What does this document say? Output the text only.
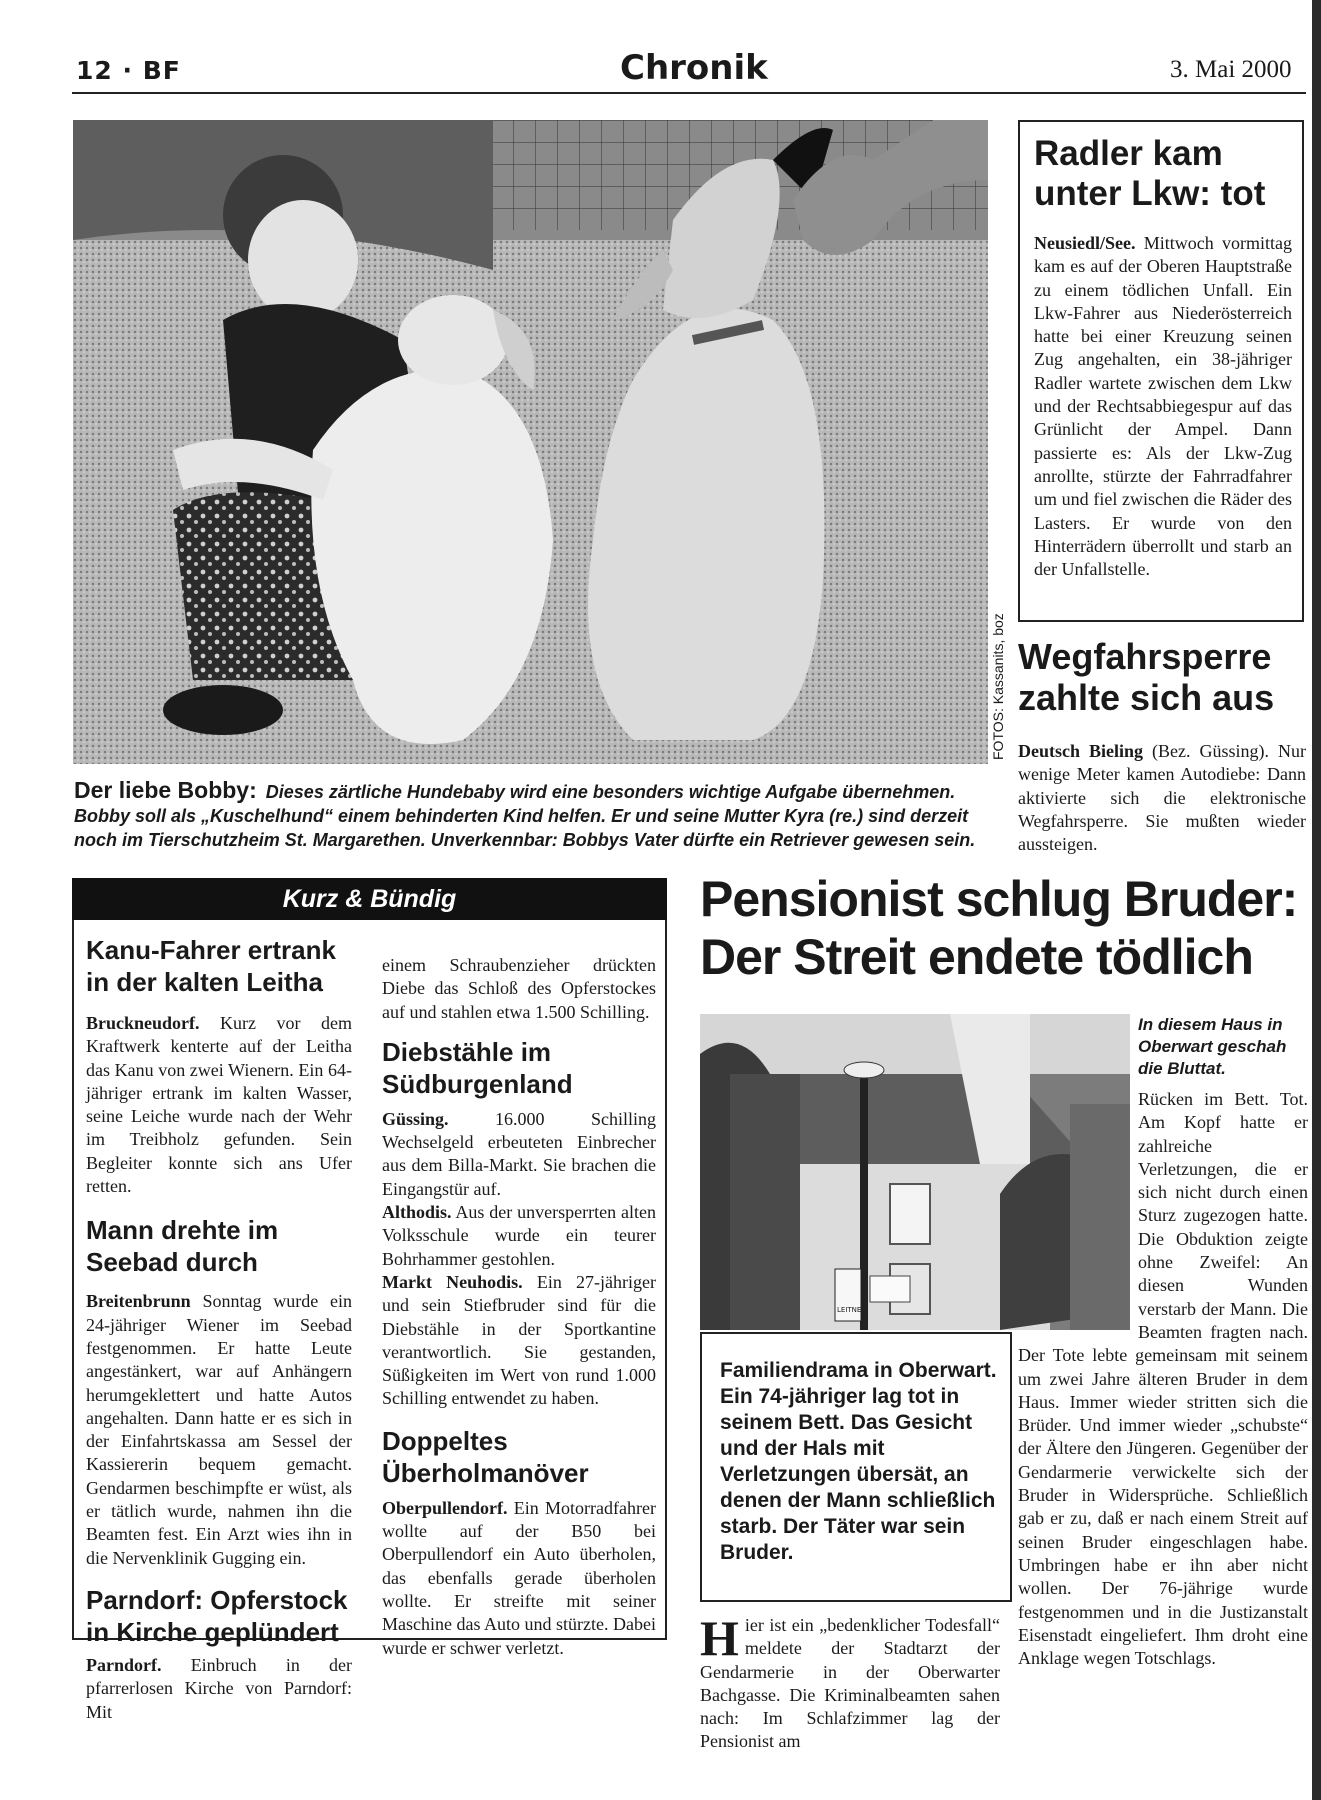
12 · BF	Chronik	3. Mai 2000
FOTOS: Kassanits, boz
Der liebe Bobby: Dieses zärtliche Hundebaby wird eine besonders wichtige Aufgabe übernehmen. Bobby soll als „Kuschelhund“ einem behinderten Kind helfen. Er und seine Mutter Kyra (re.) sind derzeit noch im Tierschutzheim St. Margarethen. Unverkennbar: Bobbys Vater dürfte ein Retriever gewesen sein.
Radler kam unter Lkw: tot
Neusiedl/See. Mittwoch vormittag kam es auf der Oberen Hauptstraße zu einem tödlichen Unfall. Ein Lkw-Fahrer aus Niederösterreich hatte bei einer Kreuzung seinen Zug angehalten, ein 38-jähriger Radler wartete zwischen dem Lkw und der Rechtsabbiegespur auf das Grünlicht der Ampel. Dann passierte es: Als der Lkw-Zug anrollte, stürzte der Fahrradfahrer um und fiel zwischen die Räder des Lasters. Er wurde von den Hinterrädern überrollt und starb an der Unfallstelle.
Wegfahrsperre zahlte sich aus
Deutsch Bieling (Bez. Güssing). Nur wenige Meter kamen Autodiebe: Dann aktivierte sich die elektronische Wegfahrsperre. Sie mußten wieder aussteigen.
Kurz & Bündig
Kanu-Fahrer ertrank in der kalten Leitha
Bruckneudorf. Kurz vor dem Kraftwerk kenterte auf der Leitha das Kanu von zwei Wienern. Ein 64-jähriger ertrank im kalten Wasser, seine Leiche wurde nach der Wehr im Treibholz gefunden. Sein Begleiter konnte sich ans Ufer retten.
Mann drehte im Seebad durch
Breitenbrunn Sonntag wurde ein 24-jähriger Wiener im Seebad festgenommen. Er hatte Leute angestänkert, war auf Anhängern herumgeklettert und hatte Autos angehalten. Dann hatte er es sich in der Einfahrtskassa am Sessel der Kassiererin bequem gemacht. Gendarmen beschimpfte er wüst, als er tätlich wurde, nahmen ihn die Beamten fest. Ein Arzt wies ihn in die Nervenklinik Gugging ein.
Parndorf: Opferstock in Kirche geplündert
Parndorf. Einbruch in der pfarrerlosen Kirche von Parndorf: Mit
einem Schraubenzieher drückten Diebe das Schloß des Opferstockes auf und stahlen etwa 1.500 Schilling.
Diebstähle im Südburgenland
Güssing.	16.000 Schilling Wechselgeld erbeuteten Einbrecher aus dem Billa-Markt. Sie brachen die Eingangstür auf.
Althodis. Aus der unversperrten alten Volksschule wurde ein teurer Bohrhammer gestohlen.
Markt Neuhodis. Ein 27-jähriger und sein Stiefbruder sind für die Diebstähle in der Sportkantine verantwortlich. Sie gestanden, Süßigkeiten im Wert von rund 1.000 Schilling entwendet zu haben.
Doppeltes Überholmanöver
Oberpullendorf. Ein Motorradfahrer wollte auf der B50 bei Oberpullendorf ein Auto überholen, das ebenfalls gerade überholen wollte. Er streifte mit seiner Maschine das Auto und stürzte. Dabei wurde er schwer verletzt.
Pensionist schlug Bruder: Der Streit endete tödlich
LEITNER
In diesem Haus in Oberwart geschah die Bluttat.
Rücken im Bett. Tot. Am Kopf hatte er zahlreiche Verletzungen, die er sich nicht durch einen Sturz zugezogen hatte. Die Obduktion zeigte ohne Zweifel: An diesen Wunden verstarb der Mann. Die Beamten fragten nach. Der Tote lebte gemeinsam mit seinem um zwei Jahre älteren Bruder in dem Haus. Immer wieder stritten sich die Brüder. Und immer wieder „schubste“ der Ältere den Jüngeren. Gegenüber der Gendarmerie verwickelte sich der Bruder in Widersprüche. Schließlich gab er zu, daß er nach einem Streit auf seinen Bruder eingeschlagen habe. Umbringen habe er ihn aber nicht wollen. Der 76-jährige wurde festgenommen und in die Justizanstalt Eisenstadt eingeliefert. Ihm droht eine Anklage wegen Totschlags.
Familiendrama in Oberwart. Ein 74-jähriger lag tot in seinem Bett. Das Gesicht und der Hals mit Verletzungen übersät, an denen der Mann schließlich starb. Der Täter war sein Bruder.
H ier ist ein „bedenklicher Todesfall“ meldete der Stadtarzt der Gendarmerie in der Oberwarter Bachgasse. Die Kriminalbeamten sahen nach: Im Schlafzimmer lag der Pensionist am
